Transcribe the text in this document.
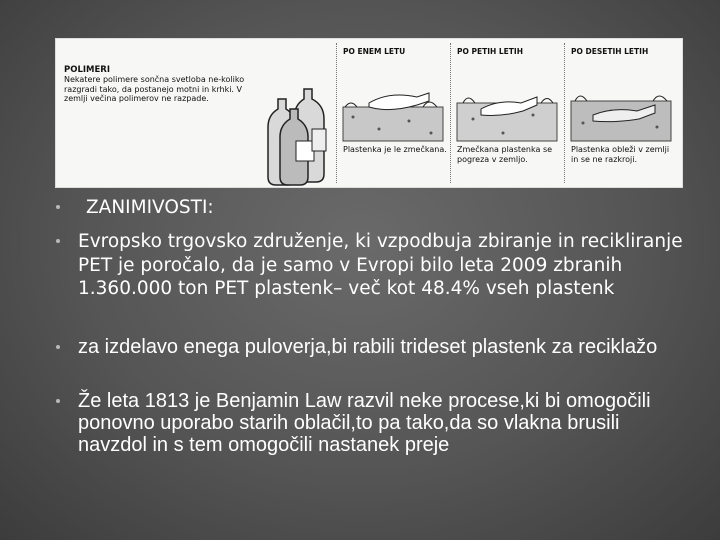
POLIMERI
Nekatere polimere sončna svetloba ne-koliko razgradi tako, da postanejo motni in krhki. V zemlji večina polimerov ne razpade.
PO ENEM LETU
Plastenka je le zmečkana.
PO PETIH LETIH
Zmečkana plastenka se pogreza v zemljo.
PO DESETIH LETIH
Plastenka obleži v zemlji in se ne razkroji.
ZANIMIVOSTI:
Evropsko trgovsko združenje, ki vzpodbuja zbiranje in recikliranje PET je poročalo, da je samo v Evropi bilo leta 2009 zbranih 1.360.000 ton PET plastenk– več kot 48.4% vseh plastenk
za izdelavo enega puloverja,bi rabili trideset plastenk za reciklažo
Že leta 1813 je Benjamin Law razvil neke procese,ki bi omogočili ponovno uporabo starih oblačil,to pa tako,da so vlakna brusili navzdol in s tem omogočili nastanek preje
